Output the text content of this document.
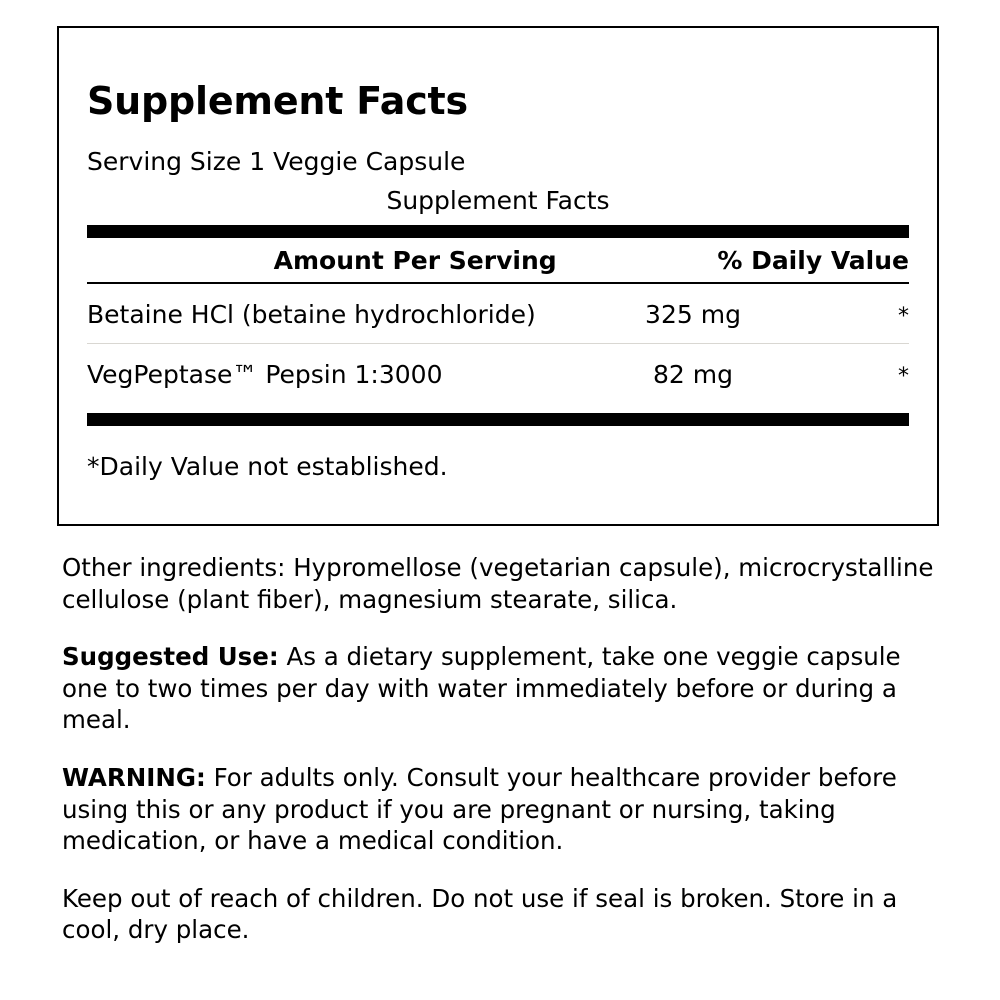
Supplement Facts
Serving Size 1 Veggie Capsule
Supplement Facts
Amount Per Serving	% Daily Value
Betaine HCl (betaine hydrochloride)	325 mg	*
VegPeptase™ Pepsin 1:3000	82 mg	*
*Daily Value not established.

Other ingredients: Hypromellose (vegetarian capsule), microcrystalline cellulose (plant fiber), magnesium stearate, silica.

Suggested Use: As a dietary supplement, take one veggie capsule one to two times per day with water immediately before or during a meal.

WARNING: For adults only. Consult your healthcare provider before using this or any product if you are pregnant or nursing, taking medication, or have a medical condition.

Keep out of reach of children. Do not use if seal is broken. Store in a cool, dry place.
